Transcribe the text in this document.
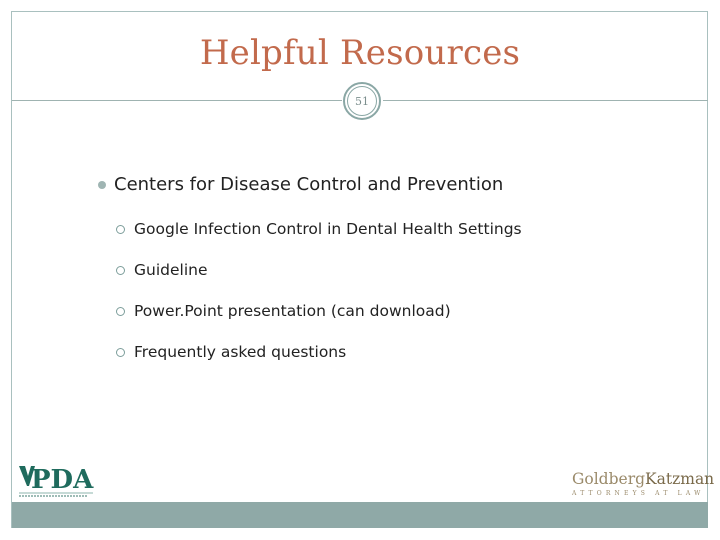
Helpful Resources
51
Centers for Disease Control and Prevention
Google Infection Control in Dental Health Settings
Guideline
Power.Point presentation (can download)
Frequently asked questions
PDA	GoldbergKatzman
ATTORNEYS AT LAW
